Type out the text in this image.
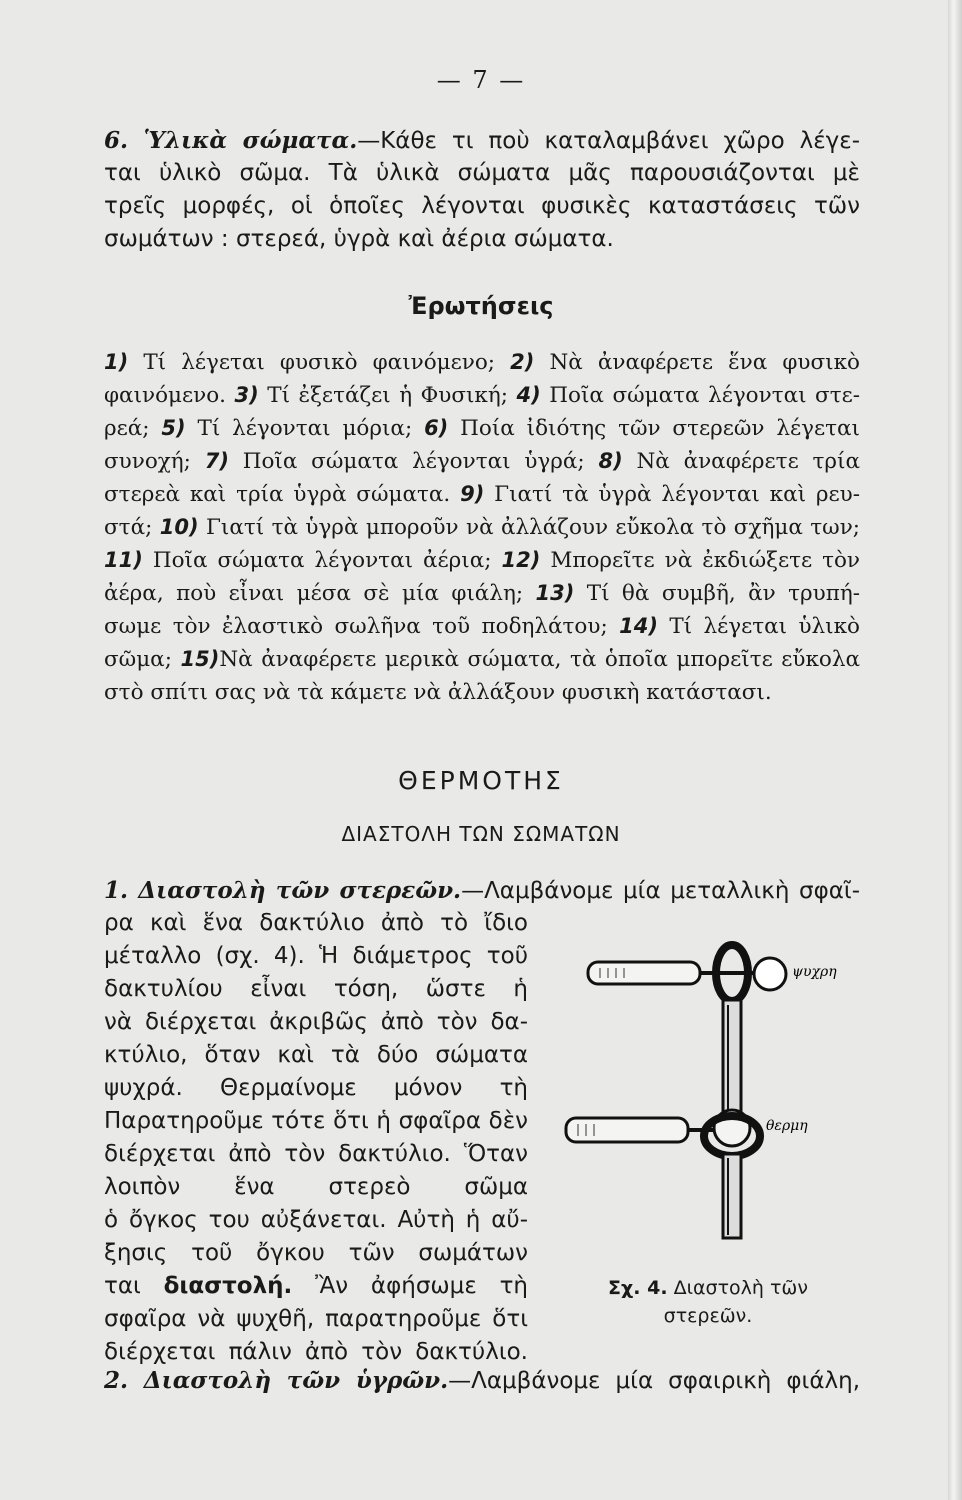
— 7 —
6. Ὑλικὰ σώματα.—Κάθε τι ποὺ καταλαμβάνει χῶρο λέγε-
ται ὑλικὸ σῶμα. Τὰ ὑλικὰ σώματα μᾶς παρουσιάζονται μὲ
τρεῖς μορφές, οἱ ὁποῖες λέγονται φυσικὲς καταστάσεις τῶν
σωμάτων : στερεά, ὑγρὰ καὶ ἀέρια σώματα.
Ἐρωτήσεις
1) Τί λέγεται φυσικὸ φαινόμενο; 2) Νὰ ἀναφέρετε ἕνα φυσικὸ
φαινόμενο. 3) Τί ἐξετάζει ἡ Φυσική; 4) Ποῖα σώματα λέγονται στε-
ρεά; 5) Τί λέγονται μόρια; 6) Ποία ἰδιότης τῶν στερεῶν λέγεται
συνοχή; 7) Ποῖα σώματα λέγονται ὑγρά; 8) Νὰ ἀναφέρετε τρία
στερεὰ καὶ τρία ὑγρὰ σώματα. 9) Γιατί τὰ ὑγρὰ λέγονται καὶ ρευ-
στά; 10) Γιατί τὰ ὑγρὰ μποροῦν νὰ ἀλλάζουν εὔκολα τὸ σχῆμα των;
11) Ποῖα σώματα λέγονται ἀέρια; 12) Μπορεῖτε νὰ ἐκδιώξετε τὸν
ἀέρα, ποὺ εἶναι μέσα σὲ μία φιάλη; 13) Τί θὰ συμβῆ, ἂν τρυπή-
σωμε τὸν ἐλαστικὸ σωλῆνα τοῦ ποδηλάτου; 14) Τί λέγεται ὑλικὸ
σῶμα; 15)Νὰ ἀναφέρετε μερικὰ σώματα, τὰ ὁποῖα μπορεῖτε εὔκολα
στὸ σπίτι σας νὰ τὰ κάμετε νὰ ἀλλάξουν φυσικὴ κατάστασι.
ΘΕΡΜΟΤΗΣ
ΔΙΑΣΤΟΛΗ ΤΩΝ ΣΩΜΑΤΩΝ
1. Διαστολὴ τῶν στερεῶν.—Λαμβάνομε μία μεταλλικὴ σφαῖ-
ρα καὶ ἕνα δακτύλιο ἀπὸ τὸ ἴδιο
μέταλλο (σχ. 4). Ἡ διάμετρος τοῦ
δακτυλίου εἶναι τόση, ὥστε ἡ
νὰ διέρχεται ἀκριβῶς ἀπὸ τὸν δα-
κτύλιο, ὅταν καὶ τὰ δύο σώματα
ψυχρά. Θερμαίνομε μόνον τὴ
Παρατηροῦμε τότε ὅτι ἡ σφαῖρα δὲν
διέρχεται ἀπὸ τὸν δακτύλιο. Ὅταν
λοιπὸν ἕνα στερεὸ σῶμα
ὁ ὄγκος του αὐξάνεται. Αὐτὴ ἡ αὔ-
ξησις τοῦ ὄγκου τῶν σωμάτων
ται διαστολή. Ἂν ἀφήσωμε τὴ
σφαῖρα νὰ ψυχθῆ, παρατηροῦμε ὅτι
διέρχεται πάλιν ἀπὸ τὸν δακτύλιο.
ψυχρη
θερμη
Σχ. 4. Διαστολὴ τῶν
στερεῶν.
2. Διαστολὴ τῶν ὑγρῶν.—Λαμβάνομε μία σφαιρικὴ φιάλη,
